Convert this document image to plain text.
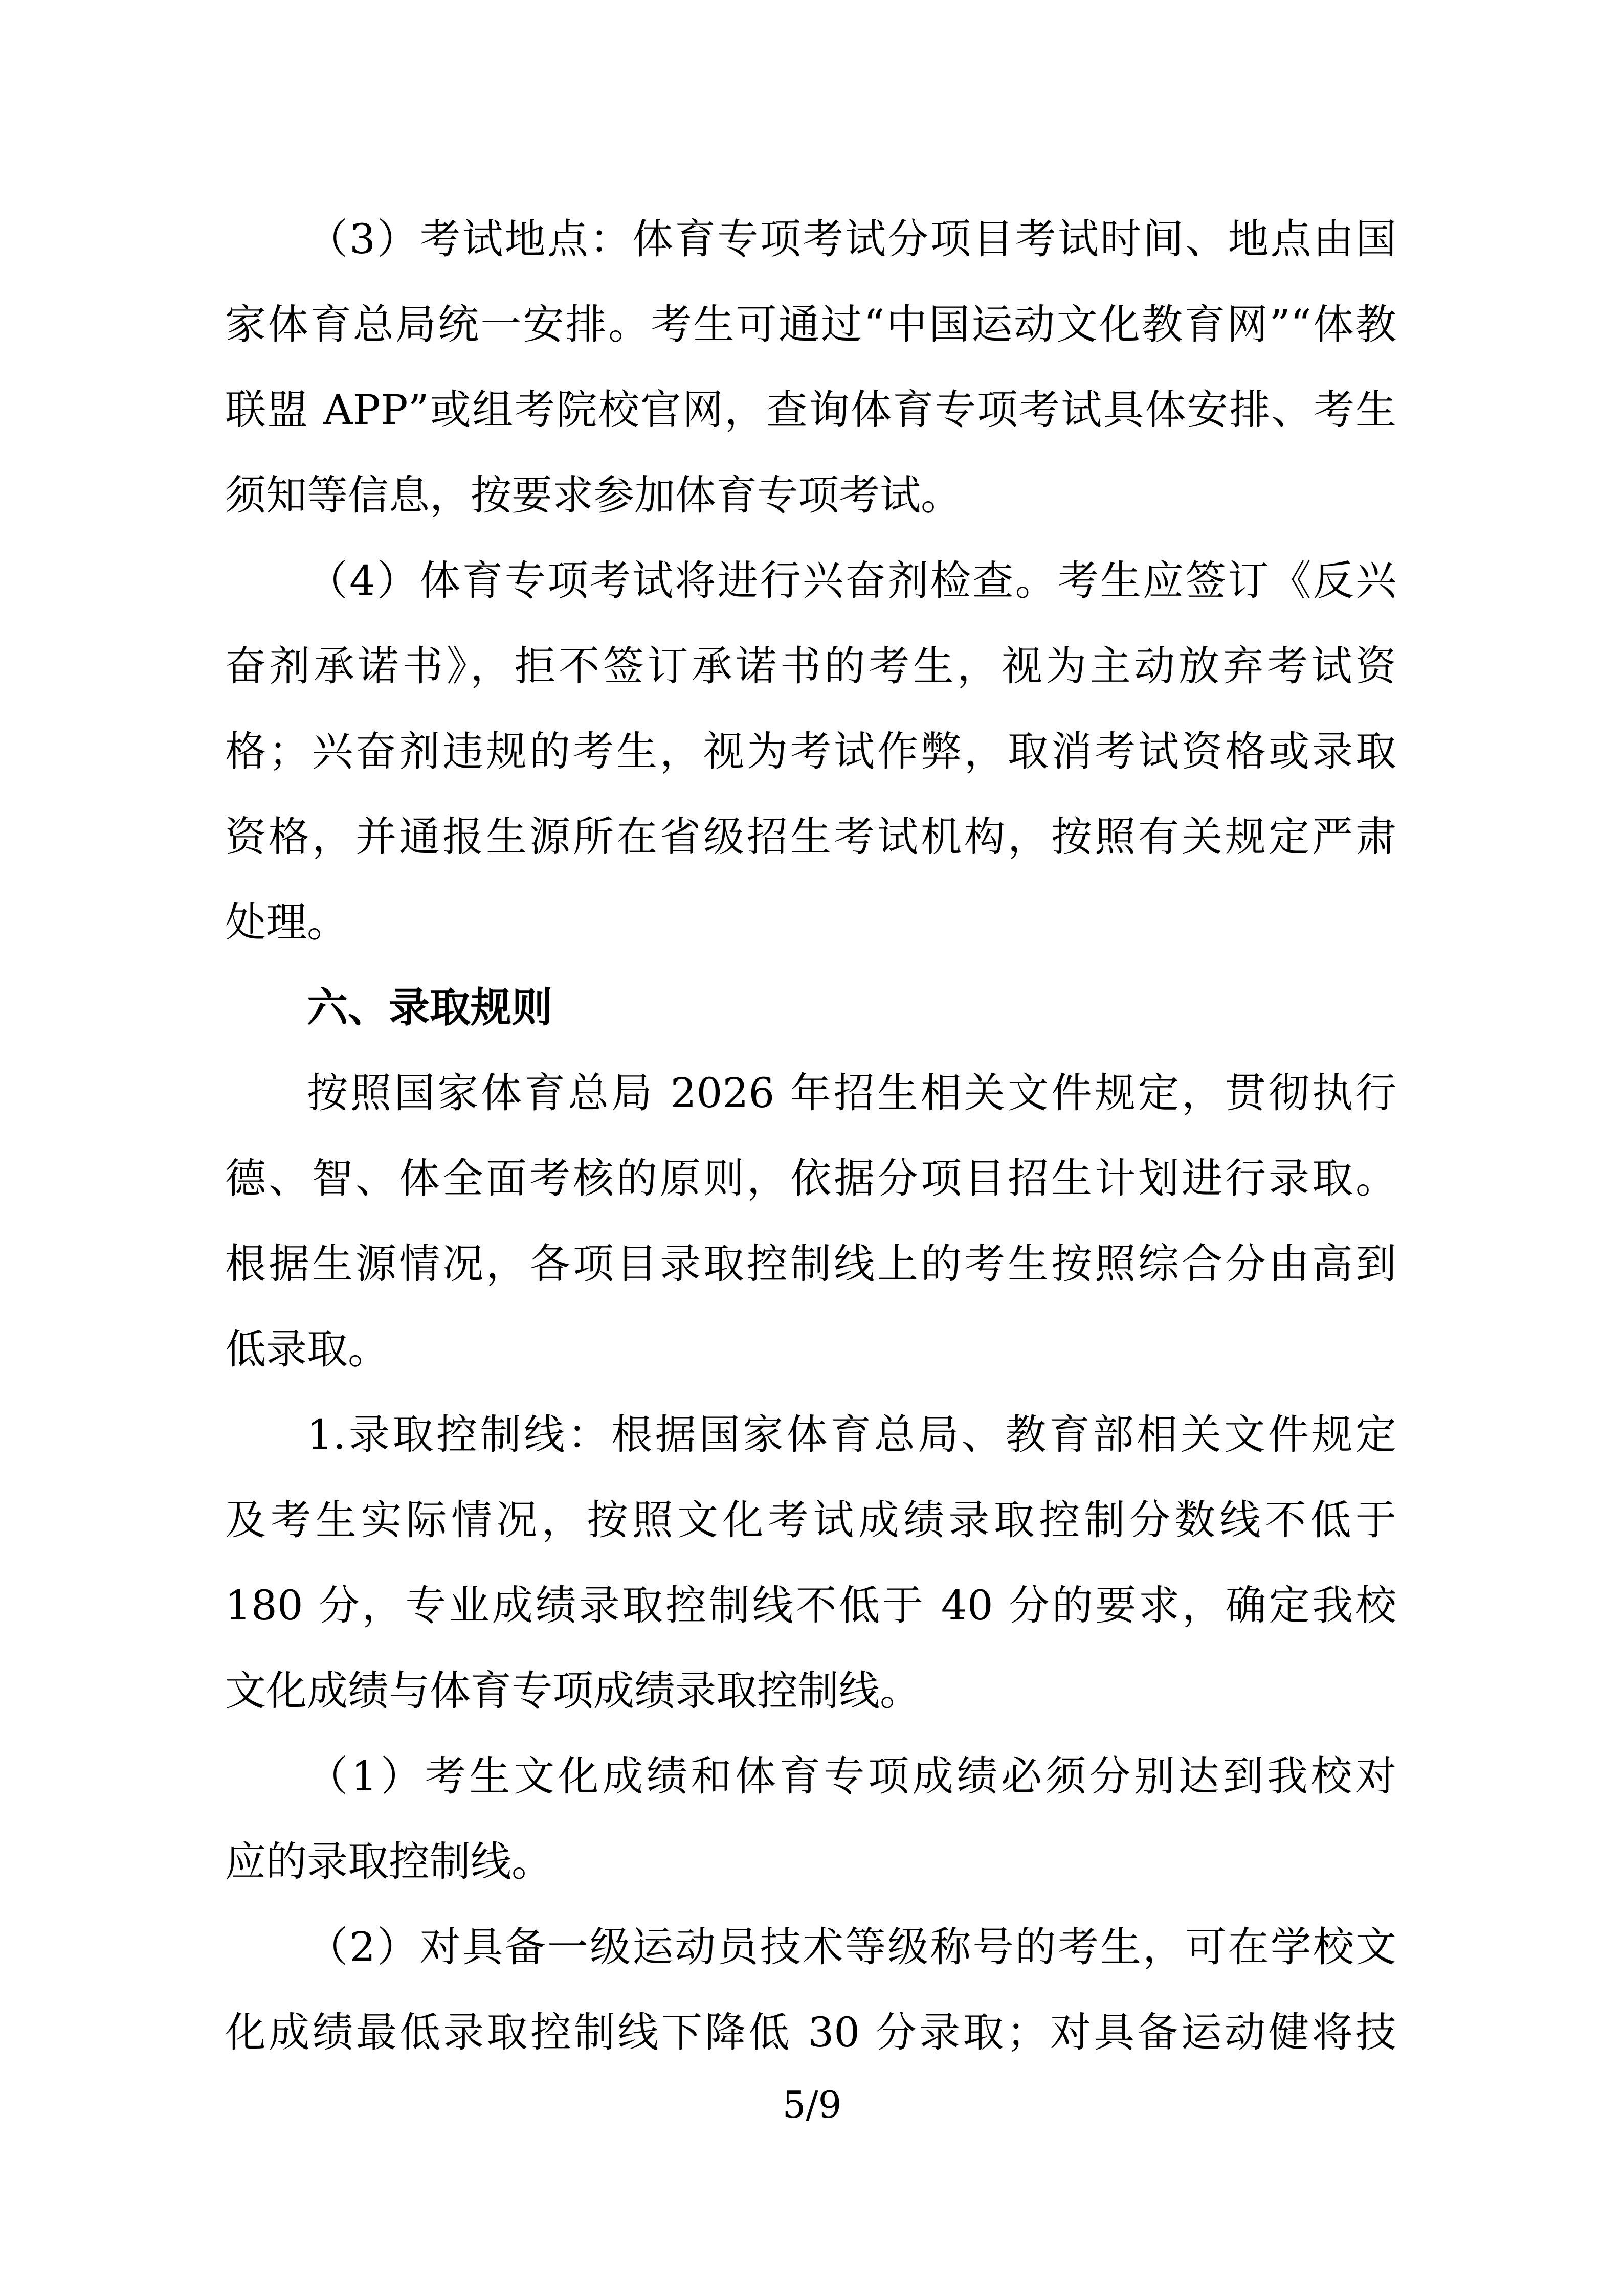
（3）考试地点：体育专项考试分项目考试时间、地点由国
家体育总局统一安排。考生可通过“中国运动文化教育网”“体教
联盟 APP”或组考院校官网，查询体育专项考试具体安排、考生
须知等信息，按要求参加体育专项考试。
（4）体育专项考试将进行兴奋剂检查。考生应签订《反兴
奋剂承诺书》，拒不签订承诺书的考生，视为主动放弃考试资
格；兴奋剂违规的考生，视为考试作弊，取消考试资格或录取
资格，并通报生源所在省级招生考试机构，按照有关规定严肃
处理。
六、录取规则
按照国家体育总局 2026 年招生相关文件规定，贯彻执行
德、智、体全面考核的原则，依据分项目招生计划进行录取。
根据生源情况，各项目录取控制线上的考生按照综合分由高到
低录取。
1.录取控制线：根据国家体育总局、教育部相关文件规定
及考生实际情况，按照文化考试成绩录取控制分数线不低于
180 分，专业成绩录取控制线不低于 40 分的要求，确定我校
文化成绩与体育专项成绩录取控制线。
（1）考生文化成绩和体育专项成绩必须分别达到我校对
应的录取控制线。
（2）对具备一级运动员技术等级称号的考生，可在学校文
化成绩最低录取控制线下降低 30 分录取；对具备运动健将技
5/9
